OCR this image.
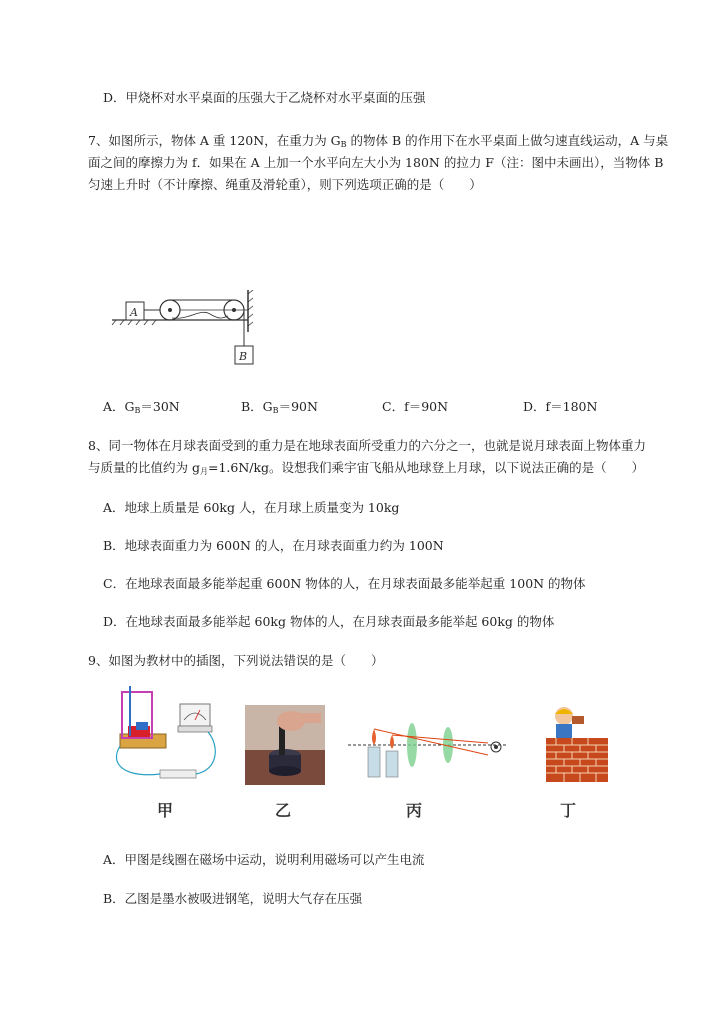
D．甲烧杯对水平桌面的压强大于乙烧杯对水平桌面的压强
7、如图所示，物体 A 重 120N，在重力为 $G_B$ 的物体 B 的作用下在水平桌面上做匀速直线运动，A 与桌
面之间的摩擦力为 f．如果在 A 上加一个水平向左大小为 180N 的拉力 F（注：图中未画出），当物体 B
匀速上升时（不计摩擦、绳重及滑轮重），则下列选项正确的是（　　）
A
B
A．$G_B=30N$	B．$G_B=90N$	C．f＝90N	D．f＝180N
8、同一物体在月球表面受到的重力是在地球表面所受重力的六分之一，也就是说月球表面上物体重力
与质量的比值约为 $g_月=1.6N/kg$。设想我们乘宇宙飞船从地球登上月球，以下说法正确的是（　　）
A．地球上质量是 60kg 人，在月球上质量变为 10kg
B．地球表面重力为 600N 的人，在月球表面重力约为 100N
C．在地球表面最多能举起重 600N 物体的人，在月球表面最多能举起重 100N 的物体
D．在地球表面最多能举起 60kg 物体的人，在月球表面最多能举起 60kg 的物体
9、如图为教材中的插图，下列说法错误的是（　　）
甲	乙	丙	丁
A．甲图是线圈在磁场中运动，说明利用磁场可以产生电流
B．乙图是墨水被吸进钢笔，说明大气存在压强
